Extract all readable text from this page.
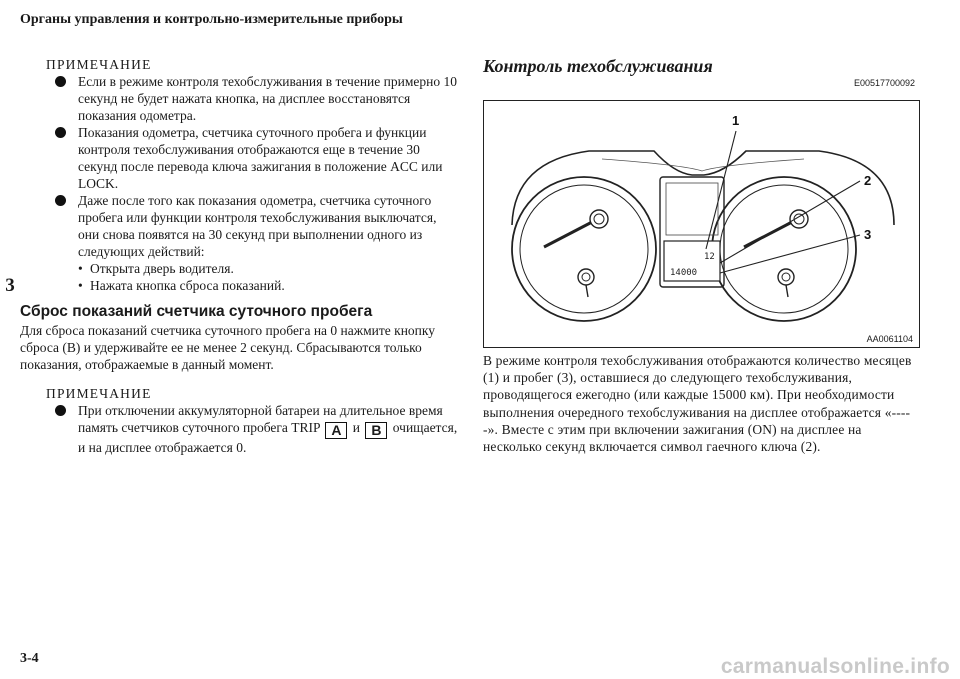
Органы управления и контрольно-измерительные приборы
3
3-4	carmanualsonline.info
ПРИМЕЧАНИЕ
Если в режиме контроля техобслуживания в течение примерно 10 секунд не будет нажата кнопка, на дисплее восстановятся показания одометра.
Показания одометра, счетчика суточного пробега и функции контроля техобслуживания отображаются еще в течение 30 секунд после перевода ключа зажигания в положение ACC или LOCK.
Даже после того как показания одометра, счетчика суточного пробега или функции контроля техобслуживания выключатся, они снова появятся на 30 секунд при выполнении одного из следующих действий:
• Открыта дверь водителя.
• Нажата кнопка сброса показаний.
Сброс показаний счетчика суточного пробега
Для сброса показаний счетчика суточного пробега на 0 нажмите кнопку сброса (B) и удерживайте ее не менее 2 секунд. Сбрасываются только показания, отображаемые в данный момент.
ПРИМЕЧАНИЕ
При отключении аккумуляторной батареи на длительное время память счетчиков суточного пробега TRIP A и B очищается, и на дисплее отображается 0.
Контроль техобслуживания
E00517700092
12
14000
1
2
3
AA0061104
В режиме контроля техобслуживания отображаются количество месяцев (1) и пробег (3), оставшиеся до следующего техобслуживания, проводящегося ежегодно (или каждые 15000 км). При необходимости выполнения очередного техобслуживания на дисплее отображается «-----». Вместе с этим при включении зажигания (ON) на дисплее на несколько секунд включается символ гаечного ключа (2).
